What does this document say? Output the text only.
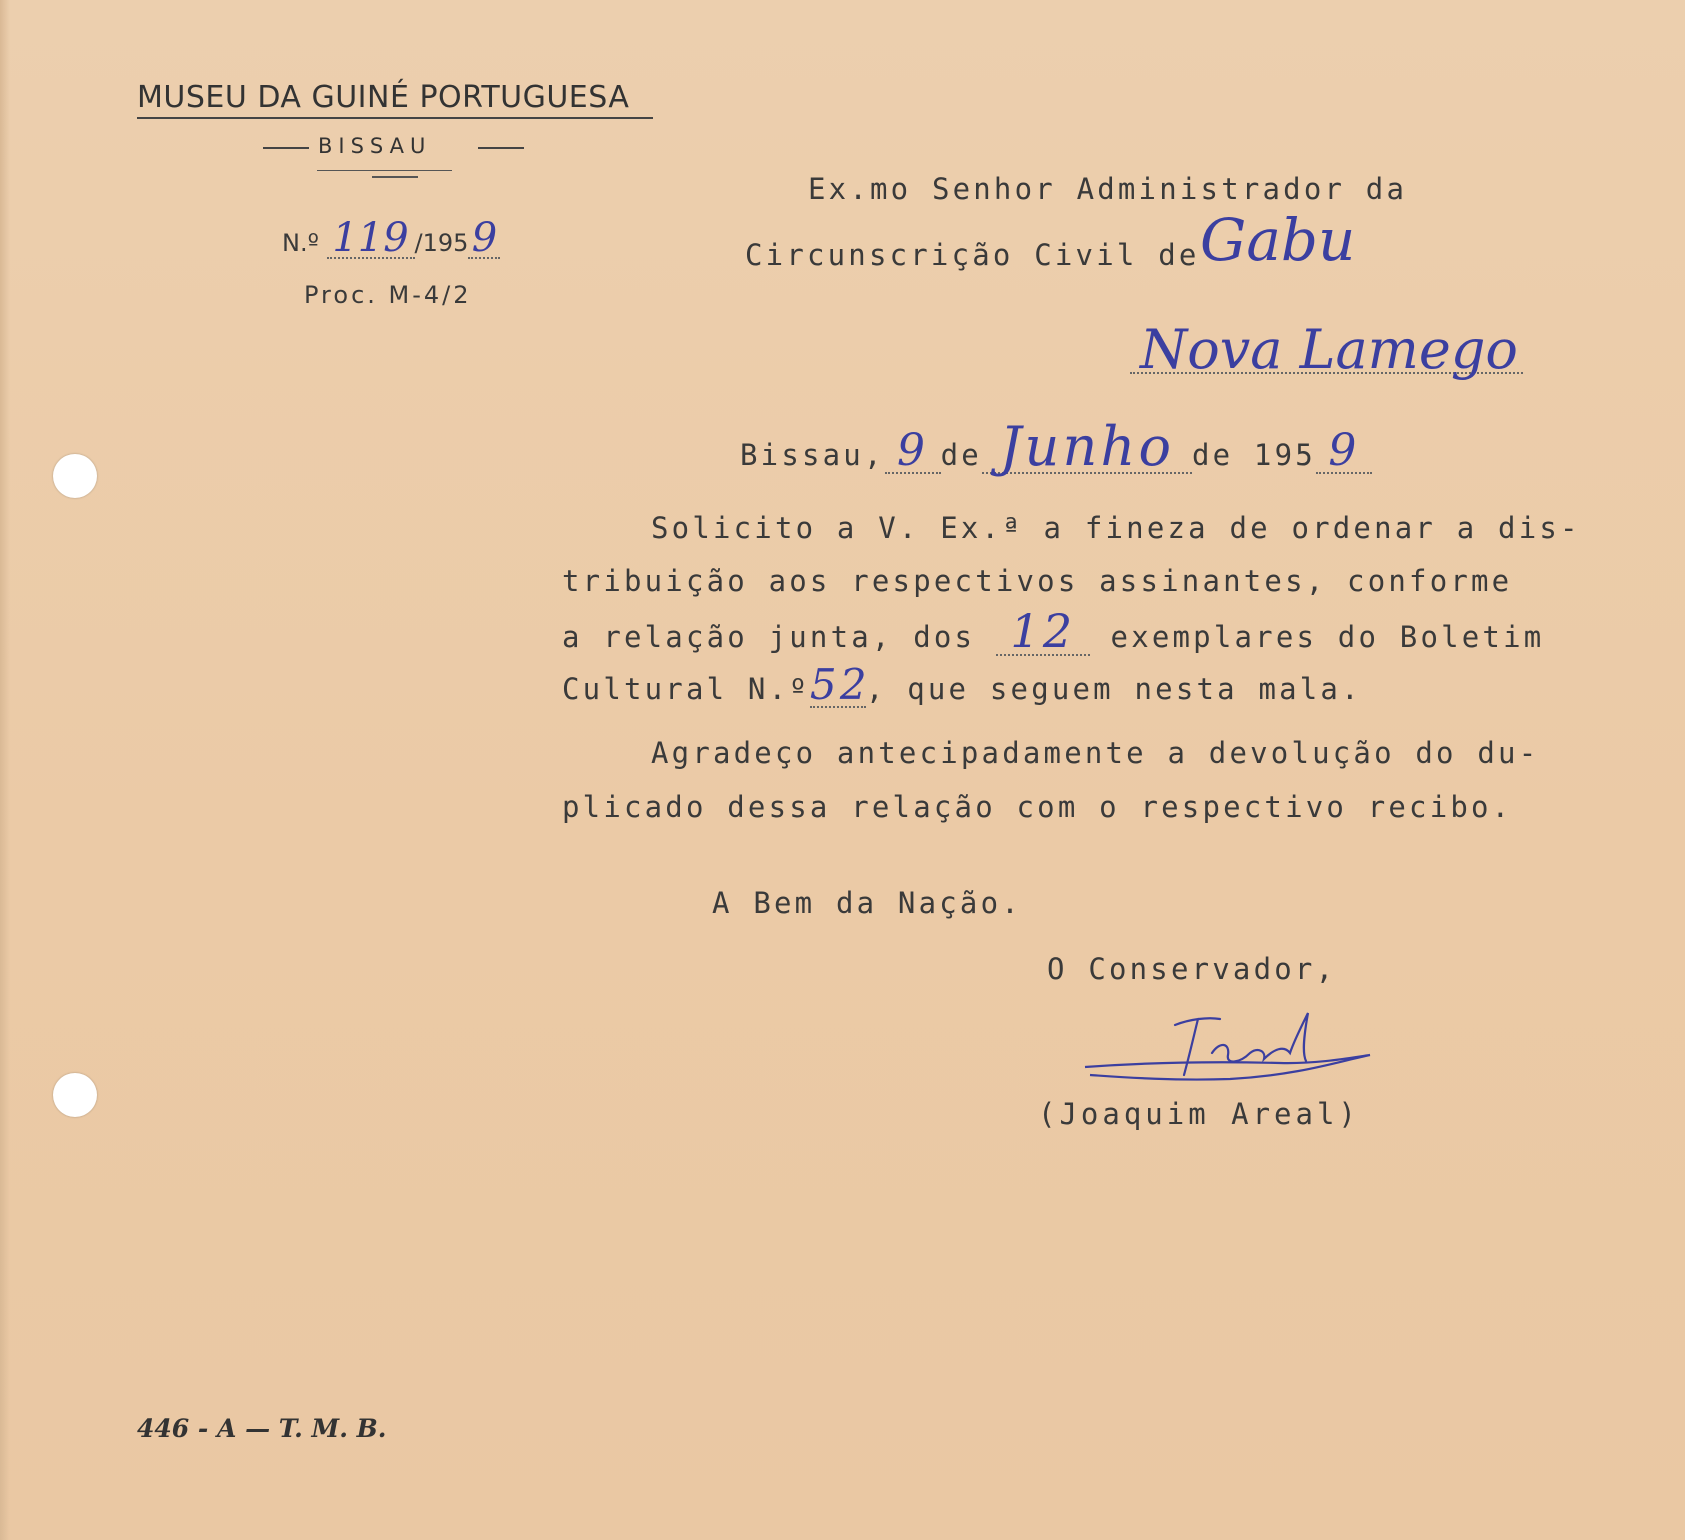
MUSEU DA GUINÉ PORTUGUESA
BISSAU
N.º 119 /1959
Proc. M-4/2
Ex.mo Senhor Administrador da
Circunscrição Civil de Gabu
Nova Lamego
Bissau, 9 de Junho de 195 9
Solicito a V. Ex.ª a fineza de ordenar a dis-
tribuição aos respectivos assinantes, conforme
a relação junta, dos 12 exemplares do Boletim
Cultural N.º52, que seguem nesta mala.
Agradeço antecipadamente a devolução do du-
plicado dessa relação com o respectivo recibo.
A Bem da Nação.
O Conservador,
(Joaquim Areal)
446 - A — T. M. B.
